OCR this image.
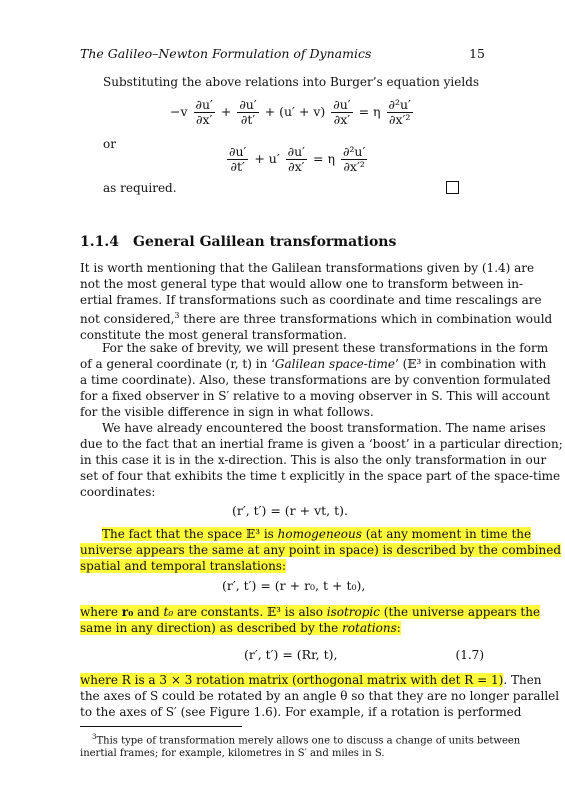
The Galileo–Newton Formulation of Dynamics	15
Substituting the above relations into Burger’s equation yields
$-v \frac{\partial u'}{\partial x'} + \frac{\partial u'}{\partial t'} + (u' + v) \frac{\partial u'}{\partial x'} = \eta \frac{\text{∂²u′}}{\text{∂x′²}}$
or
$\frac{\partial u'}{\partial t'} + u' \frac{\partial u'}{\partial x'} = \eta \frac{\text{∂²u′}}{\text{∂x′²}}$
as required.
1.1.4 General Galilean transformations
It is worth mentioning that the Galilean transformations given by (1.4) are
not the most general type that would allow one to transform between in-
ertial frames. If transformations such as coordinate and time rescalings are
not considered,$^3$ there are three transformations which in combination would
constitute the most general transformation.
For the sake of brevity, we will present these transformations in the form
of a general coordinate (r, t) in ‘Galilean space-time’ (𝔼³ in combination with
a time coordinate). Also, these transformations are by convention formulated
for a fixed observer in S′ relative to a moving observer in S. This will account
for the visible difference in sign in what follows.
We have already encountered the boost transformation. The name arises
due to the fact that an inertial frame is given a ‘boost’ in a particular direction;
in this case it is in the x-direction. This is also the only transformation in our
set of four that exhibits the time t explicitly in the space part of the space-time
coordinates:
(r′, t′) = (r + vt, t).
The fact that the space 𝔼³ is homogeneous (at any moment in time the
universe appears the same at any point in space) is described by the combined
spatial and temporal translations:
(r′, t′) = (r + r₀, t + t₀),
where r₀ and t₀ are constants. 𝔼³ is also isotropic (the universe appears the
same in any direction) as described by the rotations:
(r′, t′) = (Rr, t),	(1.7)
where R is a 3 × 3 rotation matrix (orthogonal matrix with det R = 1). Then
$^3$This type of transformation merely allows one to discuss a change of units between
inertial frames; for example, kilometres in S′ and miles in S.
the axes of S could be rotated by an angle θ so that they are no longer parallel
to the axes of S′ (see Figure 1.6). For example, if a rotation is performed
